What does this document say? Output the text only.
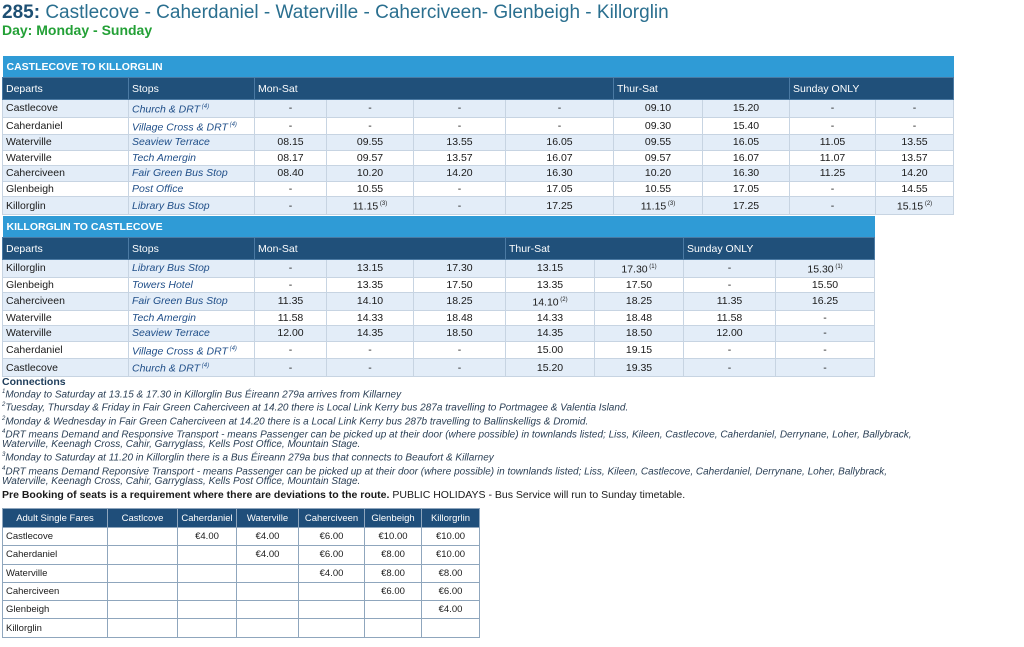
285: Castlecove - Caherdaniel - Waterville - Caherciveen- Glenbeigh - Killorglin
Day: Monday - Sunday
CASTLECOVE TO KILLORGLIN									
Departs	Stops	Mon-Sat				Thur-Sat		Sunday ONLY	
Castlecove	Church & DRT $^{(4)}$	-	-	-	-	09.10	15.20	-	-
Caherdaniel	Village Cross & DRT $^{(4)}$	-	-	-	-	09.30	15.40	-	-
Waterville	Seaview Terrace	08.15	09.55	13.55	16.05	09.55	16.05	11.05	13.55
Waterville	Tech Amergin	08.17	09.57	13.57	16.07	09.57	16.07	11.07	13.57
Caherciveen	Fair Green Bus Stop	08.40	10.20	14.20	16.30	10.20	16.30	11.25	14.20
Glenbeigh	Post Office	-	10.55	-	17.05	10.55	17.05	-	14.55
Killorglin	Library Bus Stop	-	11.15 $^{(3)}$	-	17.25	11.15 $^{(3)}$	17.25	-	15.15 $^{(2)}$
KILLORGLIN TO CASTLECOVE								
Departs	Stops	Mon-Sat			Thur-Sat		Sunday ONLY	
Killorglin	Library Bus Stop	-	13.15	17.30	13.15	17.30 $^{(1)}$	-	15.30 $^{(1)}$
Glenbeigh	Towers Hotel	-	13.35	17.50	13.35	17.50	-	15.50
Caherciveen	Fair Green Bus Stop	11.35	14.10	18.25	14.10 $^{(2)}$	18.25	11.35	16.25
Waterville	Tech Amergin	11.58	14.33	18.48	14.33	18.48	11.58	-
Waterville	Seaview Terrace	12.00	14.35	18.50	14.35	18.50	12.00	-
Caherdaniel	Village Cross & DRT $^{(4)}$	-	-	-	15.00	19.15	-	-
Castlecove	Church & DRT $^{(4)}$	-	-	-	15.20	19.35	-	-
Connections
$^1$Monday to Saturday at 13.15 & 17.30 in Killorglin Bus Éireann 279a arrives from Killarney
$^2$Tuesday, Thursday & Friday in Fair Green Caherciveen at 14.20 there is Local Link Kerry bus 287a travelling to Portmagee & Valentia Island.
$^2$Monday & Wednesday in Fair Green Caherciveen at 14.20 there is a Local Link Kerry bus 287b travelling to Ballinskelligs & Dromid.
$^4$DRT means Demand and Responsive Transport - means Passenger can be picked up at their door (where possible) in townlands listed; Liss, Kileen, Castlecove, Caherdaniel, Derrynane, Loher, Ballybrack,
Waterville, Keenagh Cross, Cahir, Garryglass, Kells Post Office, Mountain Stage.
$^3$Monday to Saturday at 11.20 in Killorglin there is a Bus Éireann 279a bus that connects to Beaufort & Killarney
$^4$DRT means Demand Reponsive Transport - means Passenger can be picked up at their door (where possible) in townlands listed; Liss, Kileen, Castlecove, Caherdaniel, Derrynane, Loher, Ballybrack,
Waterville, Keenagh Cross, Cahir, Garryglass, Kells Post Office, Mountain Stage.
Pre Booking of seats is a requirement where there are deviations to the route. PUBLIC HOLIDAYS - Bus Service will run to Sunday timetable.
Adult Single Fares	Castlcove	Caherdaniel	Waterville	Caherciveen	Glenbeigh	Killorgrlin
Castlecove		€4.00	€4.00	€6.00	€10.00	€10.00
Caherdaniel			€4.00	€6.00	€8.00	€10.00
Waterville				€4.00	€8.00	€8.00
Caherciveen					€6.00	€6.00
Glenbeigh						€4.00
Killorglin						
